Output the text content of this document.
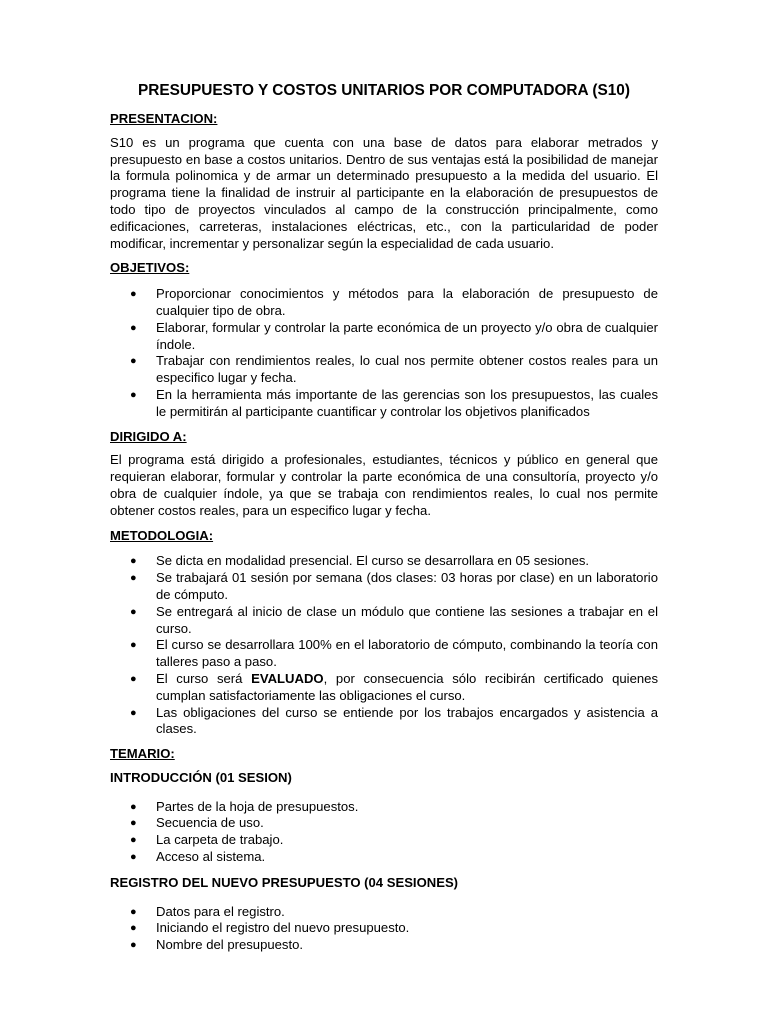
PRESUPUESTO Y COSTOS UNITARIOS POR COMPUTADORA (S10)
PRESENTACION:

S10 es un programa que cuenta con una base de datos para elaborar metrados y presupuesto en base a costos unitarios. Dentro de sus ventajas está la posibilidad de manejar la formula polinomica y de armar un determinado presupuesto a la medida del usuario. El programa tiene la finalidad de instruir al participante en la elaboración de presupuestos de todo tipo de proyectos vinculados al campo de la construcción principalmente, como edificaciones, carreteras, instalaciones eléctricas, etc., con la particularidad de poder modificar, incrementar y personalizar según la especialidad de cada usuario.

OBJETIVOS:
● Proporcionar conocimientos y métodos para la elaboración de presupuesto de cualquier tipo de obra.
● Elaborar, formular y controlar la parte económica de un proyecto y/o obra de cualquier índole.
● Trabajar con rendimientos reales, lo cual nos permite obtener costos reales para un especifico lugar y fecha.
● En la herramienta más importante de las gerencias son los presupuestos, las cuales le permitirán al participante cuantificar y controlar los objetivos planificados
DIRIGIDO A:

El programa está dirigido a profesionales, estudiantes, técnicos y público en general que requieran elaborar, formular y controlar la parte económica de una consultoría, proyecto y/o obra de cualquier índole, ya que se trabaja con rendimientos reales, lo cual nos permite obtener costos reales, para un especifico lugar y fecha.

METODOLOGIA:
● Se dicta en modalidad presencial. El curso se desarrollara en 05 sesiones.
● Se trabajará 01 sesión por semana (dos clases: 03 horas por clase) en un laboratorio de cómputo.
● Se entregará al inicio de clase un módulo que contiene las sesiones a trabajar en el curso.
● El curso se desarrollara 100% en el laboratorio de cómputo, combinando la teoría con talleres paso a paso.
● El curso será EVALUADO, por consecuencia sólo recibirán certificado quienes cumplan satisfactoriamente las obligaciones el curso.
● Las obligaciones del curso se entiende por los trabajos encargados y asistencia a clases.
TEMARIO:
INTRODUCCIÓN (01 SESION)
● Partes de la hoja de presupuestos.
● Secuencia de uso.
● La carpeta de trabajo.
● Acceso al sistema.
REGISTRO DEL NUEVO PRESUPUESTO (04 SESIONES)
● Datos para el registro.
● Iniciando el registro del nuevo presupuesto.
● Nombre del presupuesto.
